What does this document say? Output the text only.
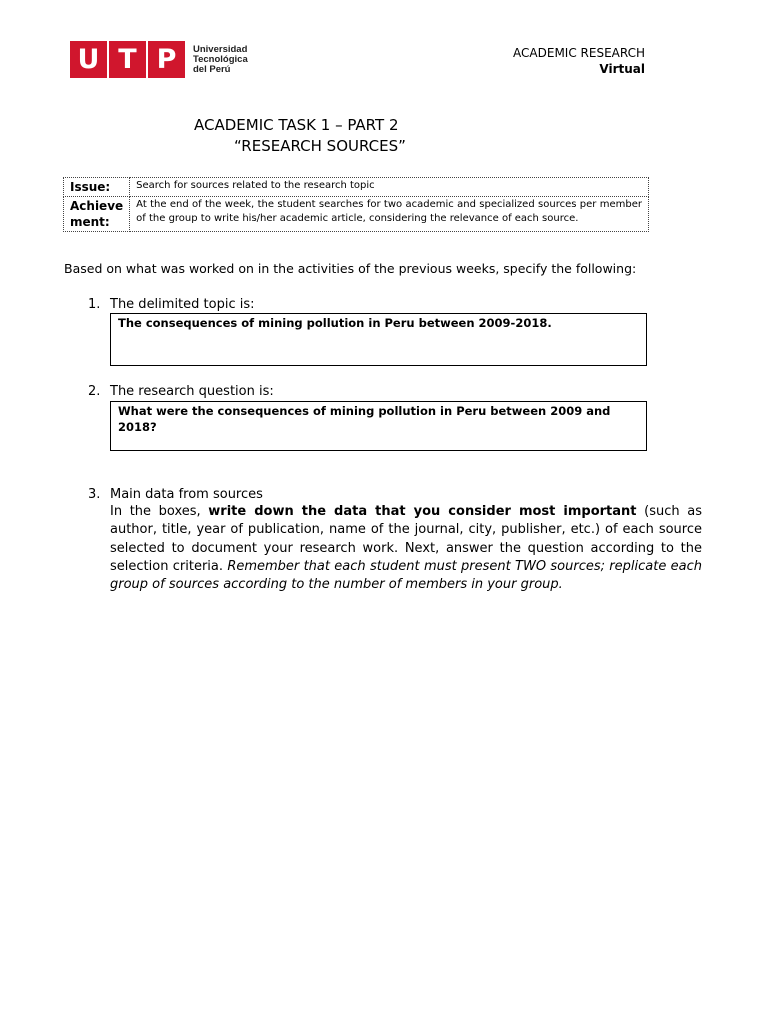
U T P	Universidad
Tecnológica
del Perú
ACADEMIC RESEARCH
Virtual
ACADEMIC TASK 1 – PART 2
“RESEARCH SOURCES”
Issue:	Search for sources related to the research topic
Achieve ment:	At the end of the week, the student searches for two academic and specialized sources per member of the group to write his/her academic article, considering the relevance of each source.
Based on what was worked on in the activities of the previous weeks, specify the following:
1. The delimited topic is:
The consequences of mining pollution in Peru between 2009-2018.
2. The research question is:
What were the consequences of mining pollution in Peru between 2009 and 2018?
3. Main data from sources
In the boxes, write down the data that you consider most important (such as author, title, year of publication, name of the journal, city, publisher, etc.) of each source selected to document your research work. Next, answer the question according to the selection criteria. Remember that each student must present TWO sources; replicate each group of sources according to the number of members in your group.
